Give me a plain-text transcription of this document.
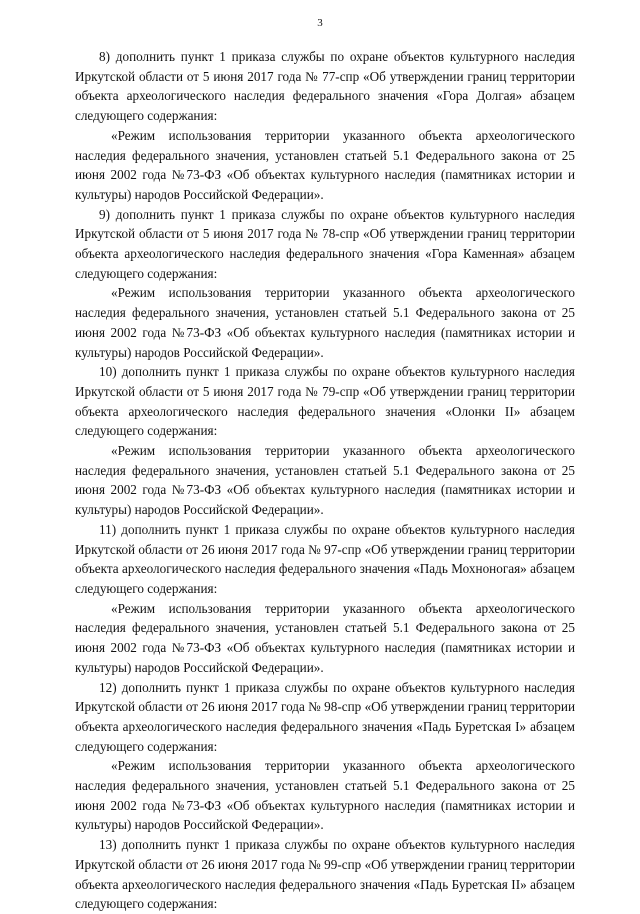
3

8) дополнить пункт 1 приказа службы по охране объектов культурного наследия Иркутской области от 5 июня 2017 года № 77-спр «Об утверждении границ территории объекта археологического наследия федерального значения «Гора Долгая» абзацем следующего содержания:

«Режим использования территории указанного объекта археологического наследия федерального значения, установлен статьей 5.1 Федерального закона от 25 июня 2002 года №73-ФЗ «Об объектах культурного наследия (памятниках истории и культуры) народов Российской Федерации».

9) дополнить пункт 1 приказа службы по охране объектов культурного наследия Иркутской области от 5 июня 2017 года № 78-спр «Об утверждении границ территории объекта археологического наследия федерального значения «Гора Каменная» абзацем следующего содержания:

«Режим использования территории указанного объекта археологического наследия федерального значения, установлен статьей 5.1 Федерального закона от 25 июня 2002 года №73-ФЗ «Об объектах культурного наследия (памятниках истории и культуры) народов Российской Федерации».

10) дополнить пункт 1 приказа службы по охране объектов культурного наследия Иркутской области от 5 июня 2017 года № 79-спр «Об утверждении границ территории объекта археологического наследия федерального значения «Олонки II» абзацем следующего содержания:

«Режим использования территории указанного объекта археологического наследия федерального значения, установлен статьей 5.1 Федерального закона от 25 июня 2002 года №73-ФЗ «Об объектах культурного наследия (памятниках истории и культуры) народов Российской Федерации».

11) дополнить пункт 1 приказа службы по охране объектов культурного наследия Иркутской области от 26 июня 2017 года № 97-спр «Об утверждении границ территории объекта археологического наследия федерального значения «Падь Мохноногая» абзацем следующего содержания:

«Режим использования территории указанного объекта археологического наследия федерального значения, установлен статьей 5.1 Федерального закона от 25 июня 2002 года №73-ФЗ «Об объектах культурного наследия (памятниках истории и культуры) народов Российской Федерации».

12) дополнить пункт 1 приказа службы по охране объектов культурного наследия Иркутской области от 26 июня 2017 года № 98-спр «Об утверждении границ территории объекта археологического наследия федерального значения «Падь Буретская I» абзацем следующего содержания:

«Режим использования территории указанного объекта археологического наследия федерального значения, установлен статьей 5.1 Федерального закона от 25 июня 2002 года №73-ФЗ «Об объектах культурного наследия (памятниках истории и культуры) народов Российской Федерации».

13) дополнить пункт 1 приказа службы по охране объектов культурного наследия Иркутской области от 26 июня 2017 года № 99-спр «Об утверждении границ территории объекта археологического наследия федерального значения «Падь Буретская II» абзацем следующего содержания:
